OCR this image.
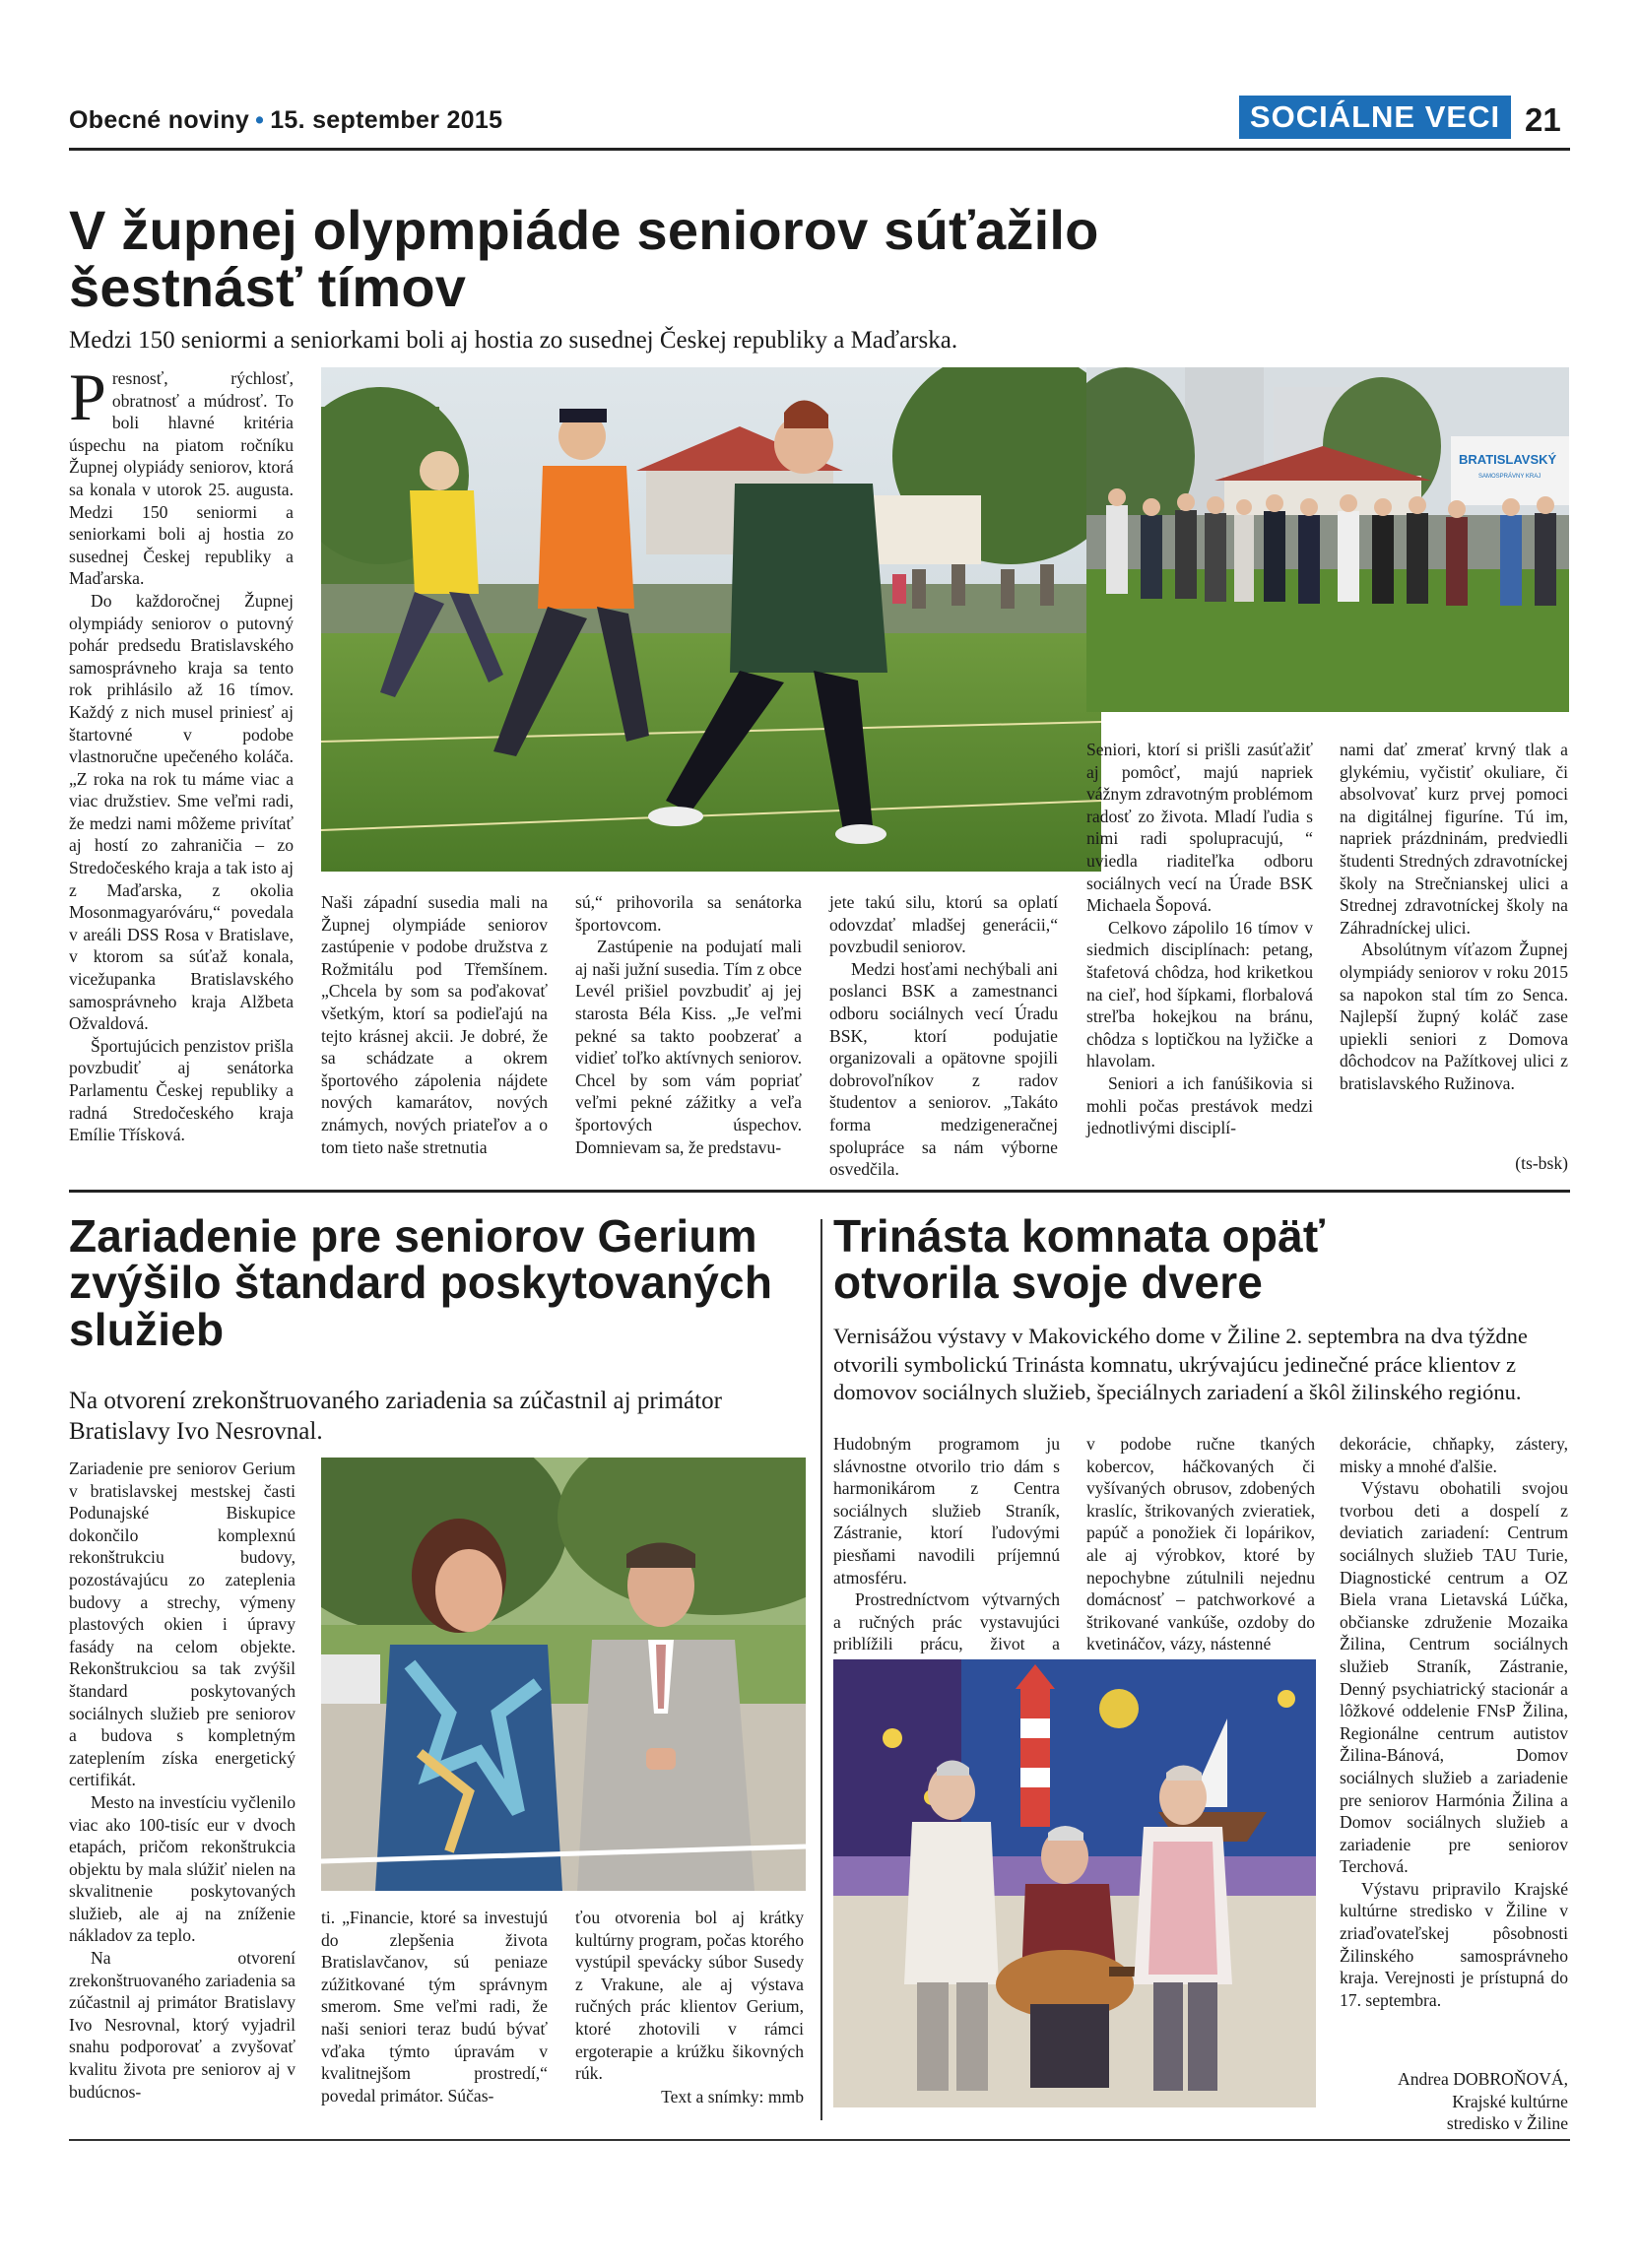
Obecné noviny • 15. september 2015	SOCIÁLNE VECI 21
V župnej olypmpiáde seniorov súťažilo
šestnásť tímov
Medzi 150 seniormi a seniorkami boli aj hostia zo susednej Českej republiky a Maďarska.

Presnosť, rýchlosť, obratnosť a múdrosť. To boli hlavné kritéria úspechu na piatom ročníku Župnej olypiády seniorov, ktorá sa konala v utorok 25. augusta. Medzi 150 seniormi a seniorkami boli aj hostia zo susednej Českej republiky a Maďarska.

Do každoročnej Župnej olympiády seniorov o putovný pohár predsedu Bratislavského samosprávneho kraja sa tento rok prihlásilo až 16 tímov. Každý z nich musel priniesť aj štartovné v podobe vlastnoručne upečeného koláča. „Z roka na rok tu máme viac a viac družstiev. Sme veľmi radi, že medzi nami môžeme privítať aj hostí zo zahraničia – zo Stredočeského kraja a tak isto aj z Maďarska, z okolia Mosonmagyaróváru,“ povedala v areáli DSS Rosa v Bratislave, v ktorom sa súťaž konala, vicežupanka Bratislavského samosprávneho kraja Alžbeta Ožvaldová.

Športujúcich penzistov prišla povzbudiť aj senátorka Parlamentu Českej republiky a radná Stredočeského kraja Emílie Třísková.

BRATISLAVSKÝ
SAMOSPRÁVNY KRAJ

Naši západní susedia mali na Župnej olympiáde seniorov zastúpenie v podobe družstva z Rožmitálu pod Třemšínem. „Chcela by som sa poďakovať všetkým, ktorí sa podieľajú na tejto krásnej akcii. Je dobré, že sa schádzate a okrem športového zápolenia nájdete nových kamarátov, nových známych, nových priateľov a o tom tieto naše stretnutia

sú,“ prihovorila sa senátorka športovcom.

Zastúpenie na podujatí mali aj naši južní susedia. Tím z obce Levél prišiel povzbudiť aj jej starosta Béla Kiss. „Je veľmi pekné sa takto poobzerať a vidieť toľko aktívnych seniorov. Chcel by som vám popriať veľmi pekné zážitky a veľa športových úspechov. Domnievam sa, že predstavu-

jete takú silu, ktorú sa oplatí odovzdať mladšej generácii,“ povzbudil seniorov.

Medzi hosťami nechýbali ani poslanci BSK a zamestnanci odboru sociálnych vecí Úradu BSK, ktorí podujatie organizovali a opätovne spojili dobrovoľníkov z radov študentov a seniorov. „Takáto forma medzigeneračnej spolupráce sa nám výborne osvedčila.

Seniori, ktorí si prišli zasúťažiť aj pomôcť, majú napriek vážnym zdravotným problémom radosť zo života. Mladí ľudia s nimi radi spolupracujú, “ uviedla riaditeľka odboru sociálnych vecí na Úrade BSK Michaela Šopová.

Celkovo zápolilo 16 tímov v siedmich disciplínach: petang, štafetová chôdza, hod kriketkou na cieľ, hod šípkami, florbalová streľba hokejkou na bránu, chôdza s loptičkou na lyžičke a hlavolam.

Seniori a ich fanúšikovia si mohli počas prestávok medzi jednotlivými disciplí-

nami dať zmerať krvný tlak a glykémiu, vyčistiť okuliare, či absolvovať kurz prvej pomoci na digitálnej figuríne. Tú im, napriek prázdninám, predviedli študenti Stredných zdravotníckej školy na Strečnianskej ulici a Strednej zdravotníckej školy na Záhradníckej ulici.

Absolútnym víťazom Župnej olympiády seniorov v roku 2015 sa napokon stal tím zo Senca. Najlepší župný koláč zase upiekli seniori z Domova dôchodcov na Pažítkovej ulici z bratislavského Ružinova.

(ts-bsk)
Zariadenie pre seniorov Gerium
zvýšilo štandard poskytovaných
služieb
Na otvorení zrekonštruovaného zariadenia sa zúčastnil aj primátor Bratislavy Ivo Nesrovnal.

Zariadenie pre seniorov Gerium v bratislavskej mestskej časti Podunajské Biskupice dokončilo komplexnú rekonštrukciu budovy, pozostávajúcu zo zateplenia budovy a strechy, výmeny plastových okien i úpravy fasády na celom objekte. Rekonštrukciou sa tak zvýšil štandard poskytovaných sociálnych služieb pre seniorov a budova s kompletným zateplením získa energetický certifikát.

Mesto na investíciu vyčlenilo viac ako 100-tisíc eur v dvoch etapách, pričom rekonštrukcia objektu by mala slúžiť nielen na skvalitnenie poskytovaných služieb, ale aj na zníženie nákladov za teplo.

Na otvorení zrekonštruovaného zariadenia sa zúčastnil aj primátor Bratislavy Ivo Nesrovnal, ktorý vyjadril snahu podporovať a zvyšovať kvalitu života pre seniorov aj v budúcnos-

ti. „Financie, ktoré sa investujú do zlepšenia života Bratislavčanov, sú peniaze zúžitkované tým správnym smerom. Sme veľmi radi, že naši seniori teraz budú bývať vďaka týmto úpravám v kvalitnejšom prostredí,“ povedal primátor. Súčas-

ťou otvorenia bol aj krátky kultúrny program, počas ktorého vystúpil spevácky súbor Susedy z Vrakune, ale aj výstava ručných prác klientov Gerium, ktoré zhotovili v rámci ergoterapie a krúžku šikovných rúk.

Text a snímky: mmb
Trinásta komnata opäť
otvorila svoje dvere
Vernisážou výstavy v Makovického dome v Žiline 2. septembra na dva týždne otvorili symbolickú Trinásta komnatu, ukrývajúcu jedinečné práce klientov z domovov sociálnych služieb, špeciálnych zariadení a škôl žilinského regiónu.

Hudobným programom ju slávnostne otvorilo trio dám s harmonikárom z Centra sociálnych služieb Straník, Zástranie, ktorí ľudovými piesňami navodili príjemnú atmosféru.

Prostredníctvom výtvarných a ručných prác vystavujúci priblížili prácu, život a

v podobe ručne tkaných kobercov, háčkovaných či vyšívaných obrusov, zdobených kraslíc, štrikovaných zvieratiek, papúč a ponožiek či lopárikov, ale aj výrobkov, ktoré by nepochybne zútulnili nejednu domácnosť – patchworkové a štrikované vankúše, ozdoby do kvetináčov, vázy, nástenné

dekorácie, chňapky, zástery, misky a mnohé ďalšie.

Výstavu obohatili svojou tvorbou deti a dospelí z deviatich zariadení: Centrum sociálnych služieb TAU Turie, Diagnostické centrum a OZ Biela vrana Lietavská Lúčka, občianske združenie Mozaika Žilina, Centrum sociálnych služieb Straník, Zástranie, Denný psychiatrický stacionár a lôžkové oddelenie FNsP Žilina, Regionálne centrum autistov Žilina-Bánová, Domov sociálnych služieb a zariadenie pre seniorov Harmónia Žilina a Domov sociálnych služieb a zariadenie pre seniorov Terchová.

Výstavu pripravilo Krajské kultúrne stredisko v Žiline v zriaďovateľskej pôsobnosti Žilinského samosprávneho kraja. Verejnosti je prístupná do 17. septembra.

Andrea DOBROŇOVÁ,
Krajské kultúrne
stredisko v Žiline
